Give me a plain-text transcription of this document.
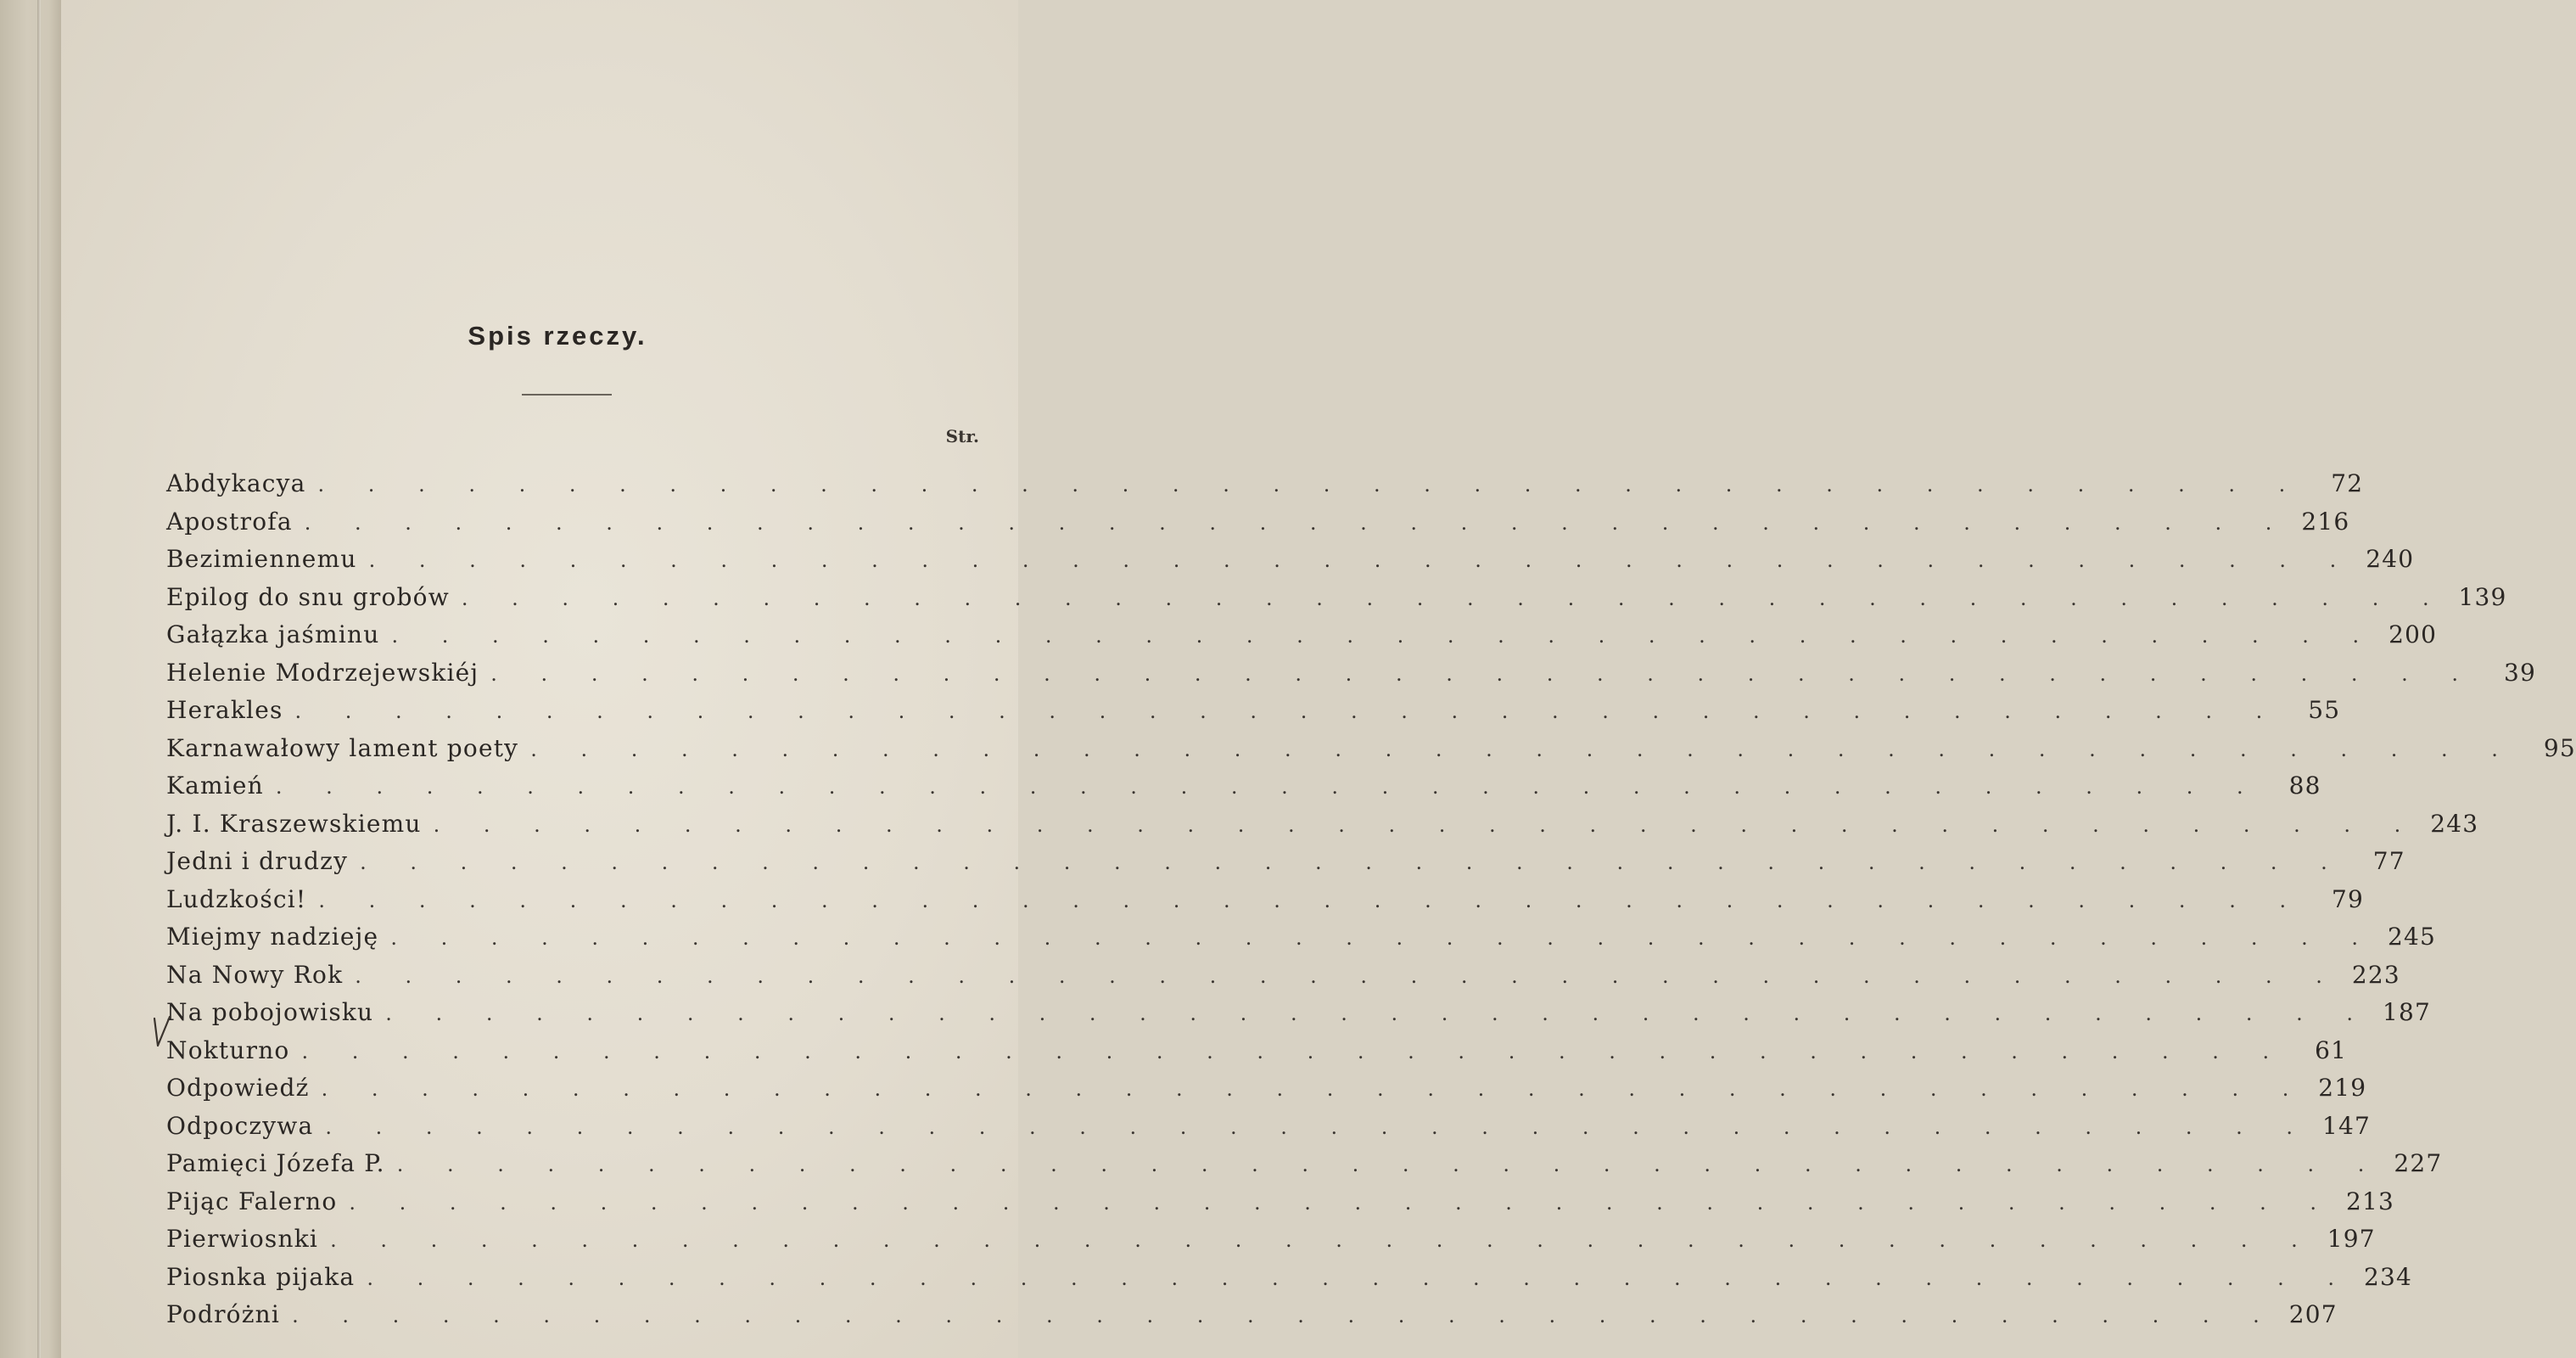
Spis rzeczy.
Str.
Abdykacya . . . . . . . . . . . . . . . . . . . . . . . . . . . . . . . . . . . . . . . .	72
Apostrofa . . . . . . . . . . . . . . . . . . . . . . . . . . . . . . . . . . . . . . . . 216
Bezimiennemu . . . . . . . . . . . . . . . . . . . . . . . . . . . . . . . . . . . . . . . . 240
Epilog do snu grobów . . . . . . . . . . . . . . . . . . . . . . . . . . . . . . . . . . . . . . . . 139
Gałązka jaśminu . . . . . . . . . . . . . . . . . . . . . . . . . . . . . . . . . . . . . . . . 200
Helenie Modrzejewskiéj . . . . . . . . . . . . . . . . . . . . . . . . . . . . . . . . . . . . . . . .	39
Herakles . . . . . . . . . . . . . . . . . . . . . . . . . . . . . . . . . . . . . . . .	55
Karnawałowy lament poety . . . . . . . . . . . . . . . . . . . . . . . . . . . . . . . . . . . . . . . .	95
Kamień . . . . . . . . . . . . . . . . . . . . . . . . . . . . . . . . . . . . . . . .	88
J. I. Kraszewskiemu . . . . . . . . . . . . . . . . . . . . . . . . . . . . . . . . . . . . . . . . 243
Jedni i drudzy . . . . . . . . . . . . . . . . . . . . . . . . . . . . . . . . . . . . . . . .	77
Ludzkości! . . . . . . . . . . . . . . . . . . . . . . . . . . . . . . . . . . . . . . . .	79
Miejmy nadzieję . . . . . . . . . . . . . . . . . . . . . . . . . . . . . . . . . . . . . . . . 245
Na Nowy Rok . . . . . . . . . . . . . . . . . . . . . . . . . . . . . . . . . . . . . . . . 223
Na pobojowisku . . . . . . . . . . . . . . . . . . . . . . . . . . . . . . . . . . . . . . . . 187
Nokturno . . . . . . . . . . . . . . . . . . . . . . . . . . . . . . . . . . . . . . . .	61
Odpowiedź . . . . . . . . . . . . . . . . . . . . . . . . . . . . . . . . . . . . . . . . 219
Odpoczywa . . . . . . . . . . . . . . . . . . . . . . . . . . . . . . . . . . . . . . . . 147
Pamięci Józefa P. . . . . . . . . . . . . . . . . . . . . . . . . . . . . . . . . . . . . . . . . 227
Pijąc Falerno . . . . . . . . . . . . . . . . . . . . . . . . . . . . . . . . . . . . . . . . 213
Pierwiosnki . . . . . . . . . . . . . . . . . . . . . . . . . . . . . . . . . . . . . . . . 197
Piosnka pijaka . . . . . . . . . . . . . . . . . . . . . . . . . . . . . . . . . . . . . . . . 234
Podróżni . . . . . . . . . . . . . . . . . . . . . . . . . . . . . . . . . . . . . . . . 207
